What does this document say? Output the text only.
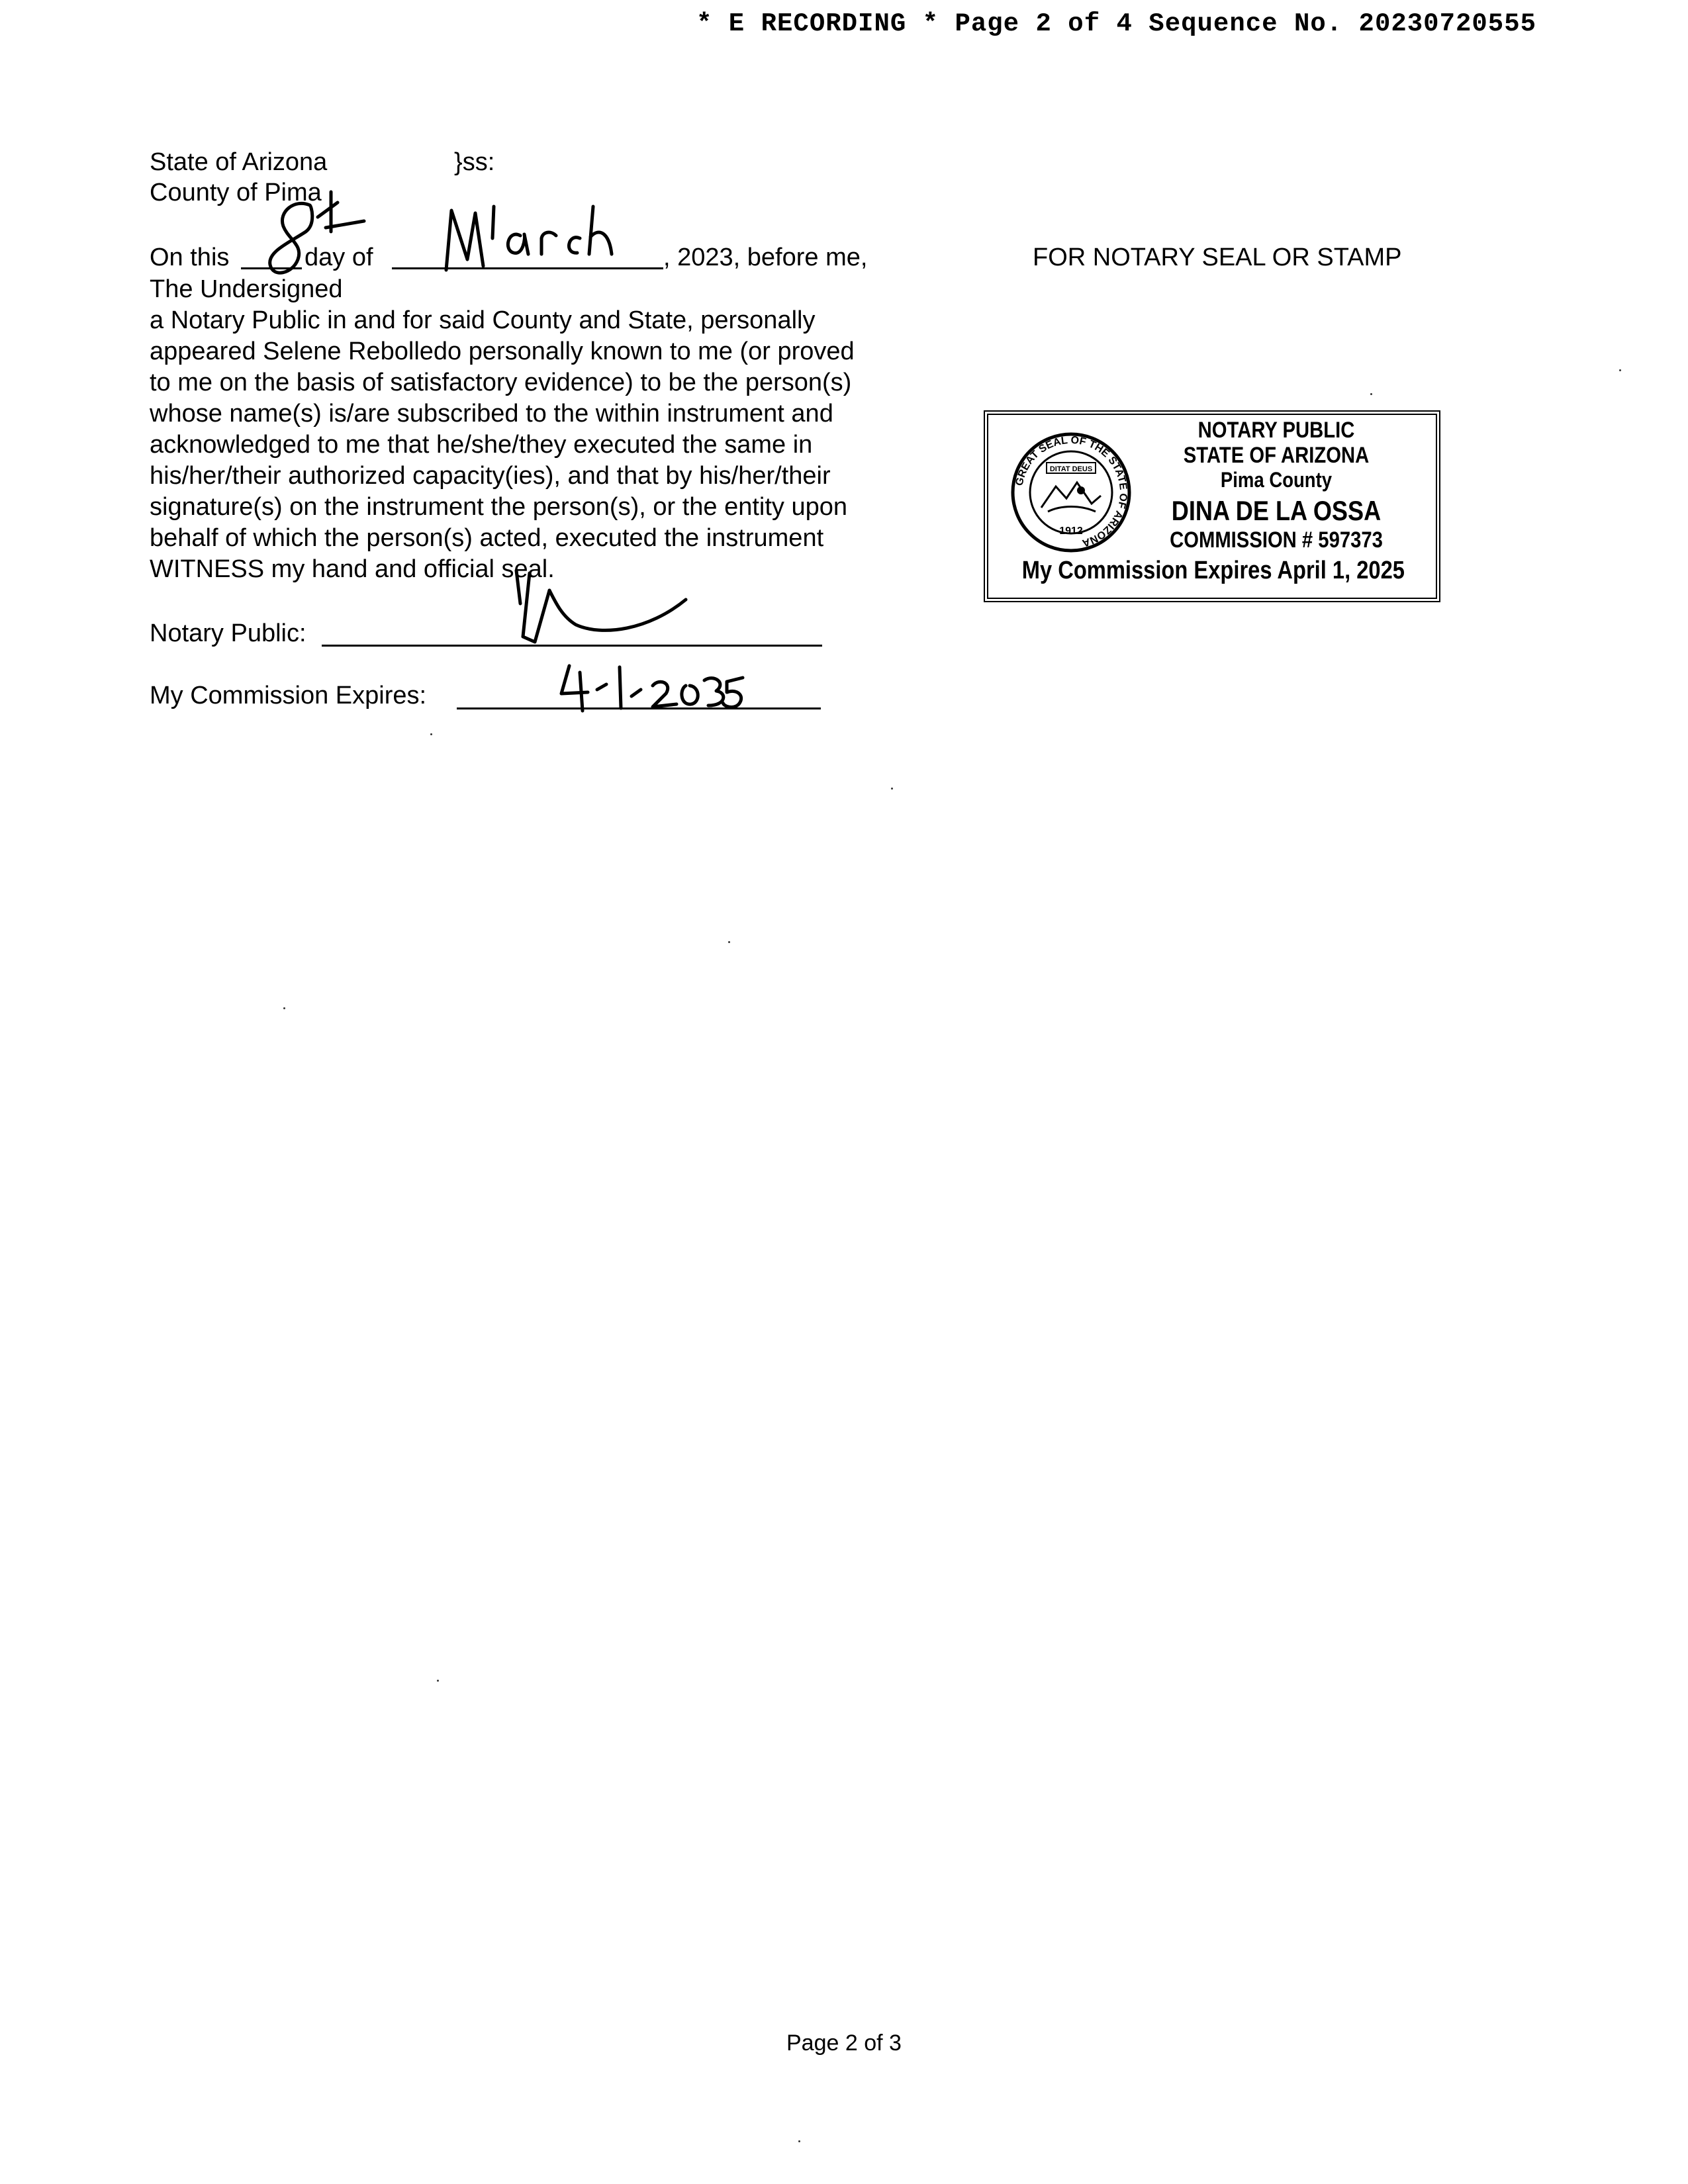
* E RECORDING * Page 2 of 4 Sequence No. 20230720555
State of Arizona	}ss:
County of Pima
On this	day of	, 2023, before me,
The Undersigned
a Notary Public in and for said County and State, personally
appeared Selene Rebolledo personally known to me (or proved
to me on the basis of satisfactory evidence) to be the person(s)
whose name(s) is/are subscribed to the within instrument and
acknowledged to me that he/she/they executed the same in
his/her/their authorized capacity(ies), and that by his/her/their
signature(s) on the instrument the person(s), or the entity upon
behalf of which the person(s) acted, executed the instrument
WITNESS my hand and official seal.
Notary Public:
My Commission Expires:
FOR NOTARY SEAL OR STAMP
GREAT SEAL OF THE STATE OF ARIZONA
DITAT DEUS
1912
NOTARY PUBLIC
STATE OF ARIZONA
Pima County
DINA DE LA OSSA
COMMISSION # 597373
My Commission Expires April 1, 2025
Page 2 of 3
